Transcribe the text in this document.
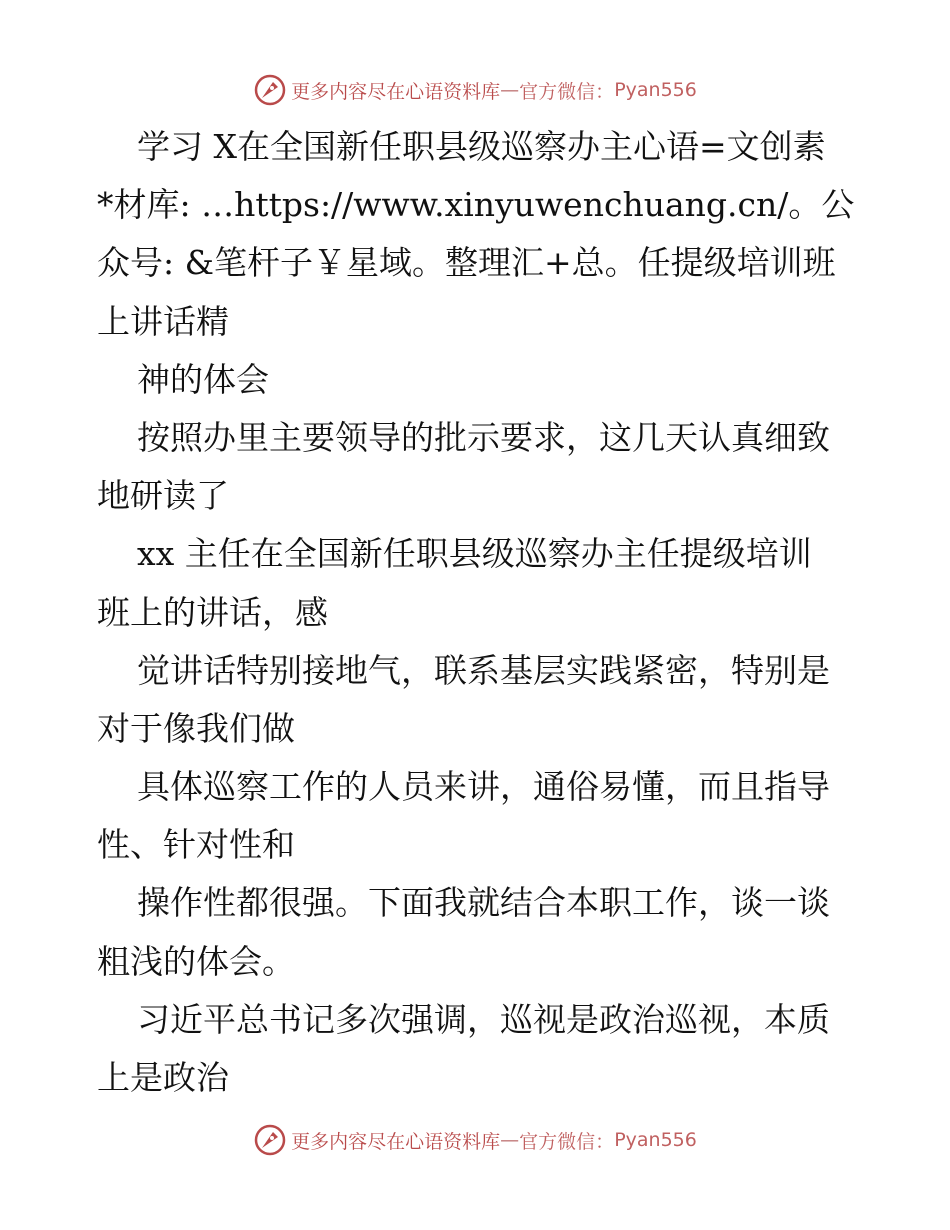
更多内容尽在心语资料库 — 官方微信： Pyan556
学习 X在全国新任职县级巡察办主心语=文创素
*材库: …https://www.xinyuwenchuang.cn/。公
众号: &笔杆子￥星域。整理汇+总。任提级培训班
上讲话精
神的体会
按照办里主要领导的批示要求，这几天认真细致
地研读了
xx 主任在全国新任职县级巡察办主任提级培训
班上的讲话，感
觉讲话特别接地气，联系基层实践紧密，特别是
对于像我们做
具体巡察工作的人员来讲，通俗易懂，而且指导
性、针对性和
操作性都很强。下面我就结合本职工作，谈一谈
粗浅的体会。
习近平总书记多次强调，巡视是政治巡视，本质
上是政治
更多内容尽在心语资料库 — 官方微信： Pyan556
